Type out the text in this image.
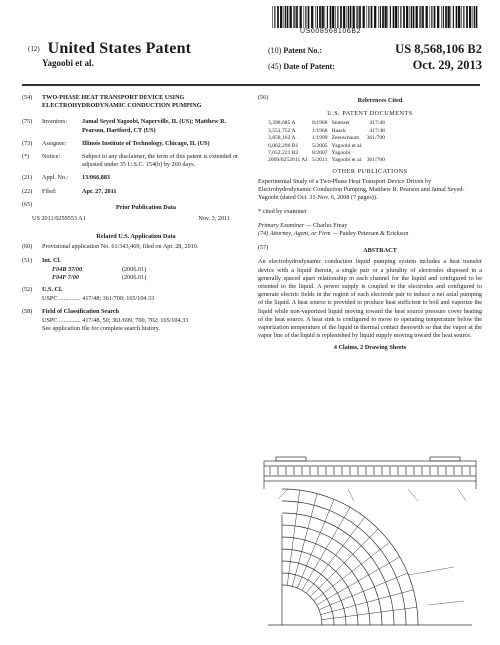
US008568106B2
(12) United States Patent
Yagoobi et al.
(10) Patent No.:	US 8,568,106 B2
(45) Date of Patent:	Oct. 29, 2013
(54)	TWO-PHASE HEAT TRANSPORT DEVICE USING ELECTROHYDRODYNAMIC CONDUCTION PUMPING
(75)	Inventors:	Jamal Seyed Yagoobi, Naperville, IL (US); Matthew R. Pearson, Hartford, CT (US)
(73)	Assignee:	Illinois Institute of Technology, Chicago, IL (US)
(*)	Notice:	Subject to any disclaimer, the term of this patent is extended or adjusted under 35 U.S.C. 154(b) by 260 days.
(21)	Appl. No.:	13/066,883
(22)	Filed:	Apr. 27, 2011
(65)	Prior Publication Data
US 2011/0259553 A1	Nov. 3, 2011
Related U.S. Application Data
(60)	Provisional application No. 61/343,469, filed on Apr. 28, 2010.
(51)	Int. Cl.
F04B 37/00	(2006.01)
F04F 7/00	(2006.01)
(52)	U.S. Cl.
USPC .............. 417/48; 361/700; 165/104.33
(58)	Field of Classification Search
USPC .............. 417/48, 50; 361/699, 700, 702; 165/104.33
See application file for complete search history.
(56)	References Cited
U.S. PATENT DOCUMENTS
3,398,685 A	8/1968	Stuetzer	417/48
3,551,752 A	1/1968	Haack	417/48
3,858,162 A	1/1999	Zeeuwbaum	361/700
6,062,296 B1	5/2005	Yagoobi et al.	
7,052,221 B2	8/2007	Yagoobi	
2009/0252011 A1	5/2011	Yagoobi et al.	361/700
OTHER PUBLICATIONS
Experimental Study of a Two-Phase Heat Transport Device Driven by Electrohydrodynamic Conduction Pumping, Matthew R. Pearson and Jamal Seyed-Yagoobi (dated Oct. 31-Nov. 6, 2008 (7 pages)).
* cited by examiner
Primary Examiner — Charles Freay
(74) Attorney, Agent, or Firm — Pauley Petersen & Erickson
(57)	ABSTRACT
An electrohydrodynamic conduction liquid pumping system includes a heat transfer device with a liquid therein, a single pair or a plurality of electrodes disposed in a generally spaced apart relationship in each channel for the liquid and configured to be oriented to the liquid. A power supply is coupled to the electrodes and configured to generate electric fields in the region of each electrode pair to induce a net axial pumping of the liquid. A heat source is provided to produce heat sufficient to boil and vaporize the liquid while non-vaporized liquid moving toward the heat source pressure cover heating of the heat source. A heat sink is configured to move to operating temperature below the vaporization temperature of the liquid in thermal contact therewith so that the vapor at the vapor line of the liquid is replenished by liquid supply moving toward the heat source.
4 Claims, 2 Drawing Sheets
